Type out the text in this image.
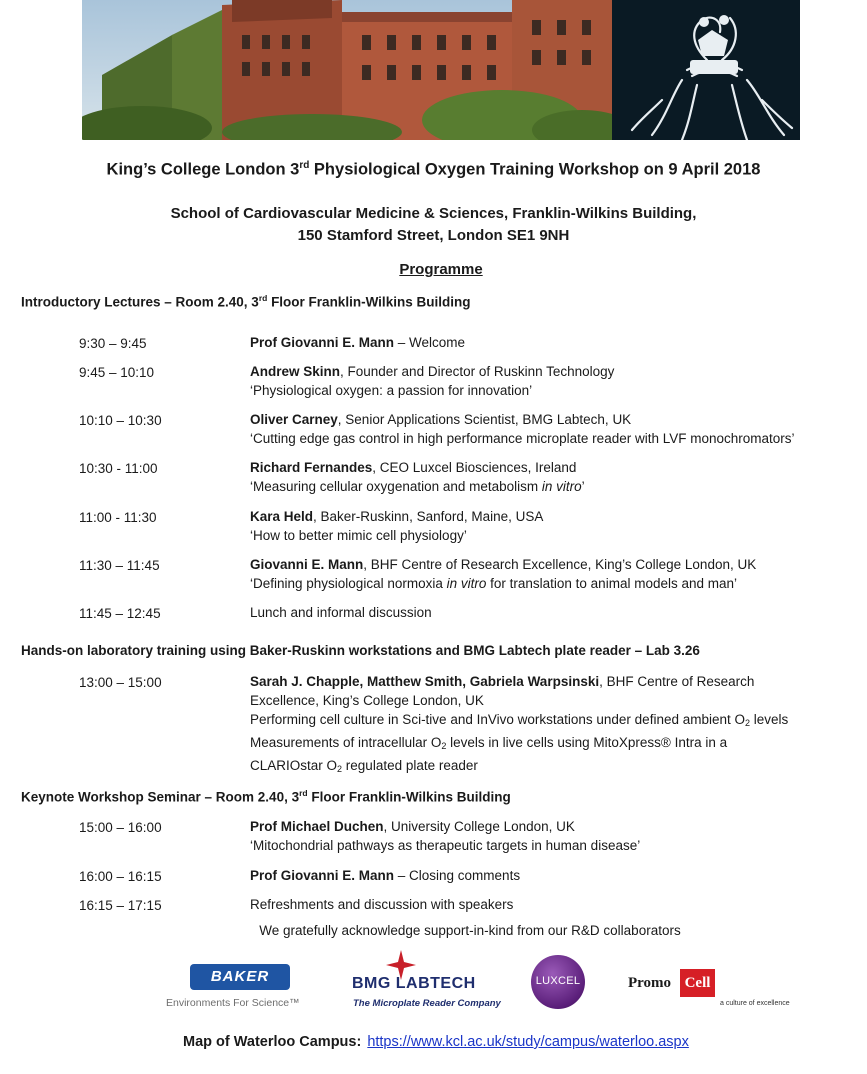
King’s College London 3rd Physiological Oxygen Training Workshop on 9 April 2018
School of Cardiovascular Medicine & Sciences, Franklin-Wilkins Building,
150 Stamford Street, London SE1 9NH
Programme
Introductory Lectures – Room 2.40, 3rd Floor Franklin-Wilkins Building
9:30 – 9:45	Prof Giovanni E. Mann – Welcome
9:45 – 10:10	Andrew Skinn, Founder and Director of Ruskinn Technology
‘Physiological oxygen: a passion for innovation’
10:10 – 10:30	Oliver Carney, Senior Applications Scientist, BMG Labtech, UK
‘Cutting edge gas control in high performance microplate reader with LVF monochromators’
10:30 - 11:00	Richard Fernandes, CEO Luxcel Biosciences, Ireland
‘Measuring cellular oxygenation and metabolism in vitro’
11:00 - 11:30	Kara Held, Baker-Ruskinn, Sanford, Maine, USA
‘How to better mimic cell physiology’
11:30 – 11:45	Giovanni E. Mann, BHF Centre of Research Excellence, King’s College London, UK
‘Defining physiological normoxia in vitro for translation to animal models and man’
11:45 – 12:45	Lunch and informal discussion
Hands-on laboratory training using Baker-Ruskinn workstations and BMG Labtech plate reader – Lab 3.26
13:00 – 15:00	Sarah J. Chapple, Matthew Smith, Gabriela Warpsinski, BHF Centre of Research
Excellence, King’s College London, UK
Performing cell culture in Sci-tive and InVivo workstations under defined ambient $O_2$ levels
Measurements of intracellular $O_2$ levels in live cells using MitoXpress® Intra in a
CLARIOstar $O_2$ regulated plate reader
Keynote Workshop Seminar – Room 2.40, 3rd Floor Franklin-Wilkins Building
15:00 – 16:00	Prof Michael Duchen, University College London, UK
‘Mitochondrial pathways as therapeutic targets in human disease’
16:00 – 16:15	Prof Giovanni E. Mann – Closing comments
16:15 – 17:15	Refreshments and discussion with speakers
We gratefully acknowledge support-in-kind from our R&D collaborators
BAKER
Environments For Science™
BMG LABTECH
The Microplate Reader Company
LUXCEL	Promo Cell
a culture of excellence
Map of Waterloo Campus: https://www.kcl.ac.uk/study/campus/waterloo.aspx
